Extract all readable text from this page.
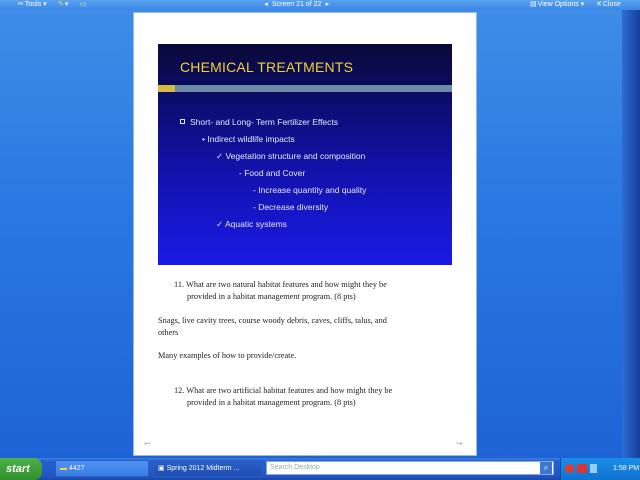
✂Tools ▾ ✎▾ ▭	◂ Screen 21 of 22 ▸	▤View Options ▾ ✕Close
CHEMICAL TREATMENTS
Short- and Long- Term Fertilizer Effects
• Indirect wildlife impacts
✓ Vegetation structure and composition
- Food and Cover
- Increase quantity and quality
- Decrease diversity
✓ Aquatic systems
11. What are two natural habitat features and how might they be
provided in a habitat management program. (8 pts)
Snags, live cavity trees, course woody debris, caves, cliffs, talus, and
others
Many examples of how to provide/create.
12. What are two artificial habitat features and how might they be
provided in a habitat management program. (8 pts)
↩	↪
start	▬ 4427	▣ Spring 2012 Midterm ...	Search Desktop	⌕	1:58 PM
